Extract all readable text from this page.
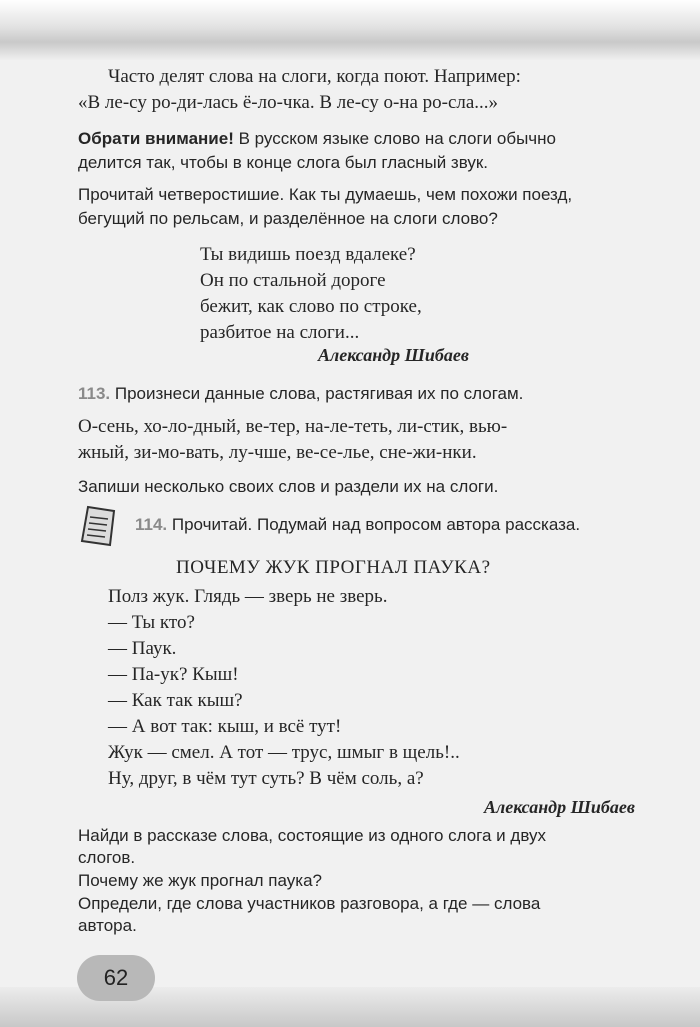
Часто делят слова на слоги, когда поют. Например:
«В ле-су ро-ди-лась ё-ло-чка. В ле-су о-на ро-сла...»
Обрати внимание! В русском языке слово на слоги обычно
делится так, чтобы в конце слога был гласный звук.
Прочитай четверостишие. Как ты думаешь, чем похожи поезд,
бегущий по рельсам, и разделённое на слоги слово?
Ты видишь поезд вдалеке?
Он по стальной дороге
бежит, как слово по строке,
разбитое на слоги...
Александр Шибаев
113. Произнеси данные слова, растягивая их по слогам.
О-сень, хо-ло-дный, ве-тер, на-ле-теть, ли-стик, вью-
жный, зи-мо-вать, лу-чше, ве-се-лье, сне-жи-нки.
Запиши несколько своих слов и раздели их на слоги.
114. Прочитай. Подумай над вопросом автора рассказа.
ПОЧЕМУ ЖУК ПРОГНАЛ ПАУКА?
Полз жук. Глядь — зверь не зверь.
— Ты кто?
— Паук.
— Па-ук? Кыш!
— Как так кыш?
— А вот так: кыш, и всё тут!
Жук — смел. А тот — трус, шмыг в щель!..
Ну, друг, в чём тут суть? В чём соль, а?
Александр Шибаев
Найди в рассказе слова, состоящие из одного слога и двух
слогов.
Почему же жук прогнал паука?
Определи, где слова участников разговора, а где — слова
автора.
62
